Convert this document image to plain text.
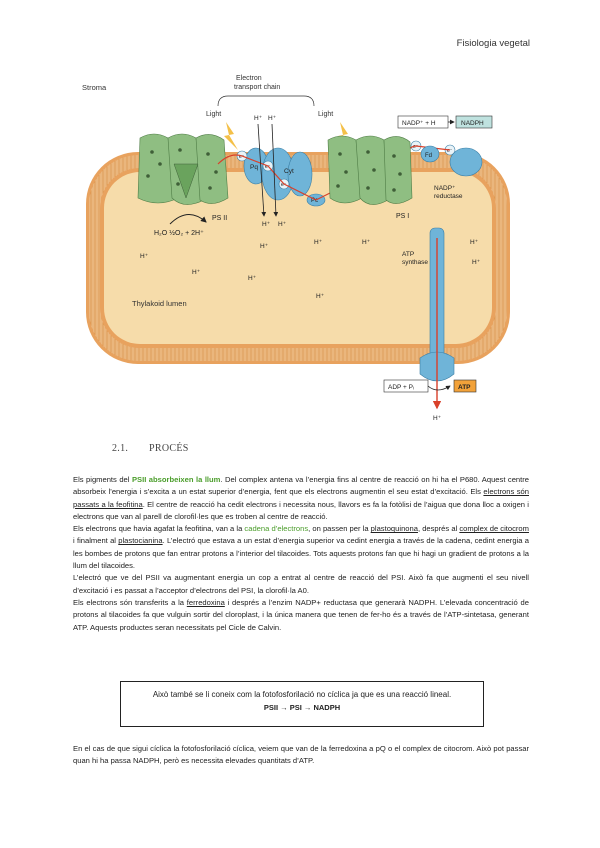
Fisiologia vegetal
Stroma
Thylakoid lumen
Electron
transport chain
Light	Light
PS II
H₂O ½O₂ + 2H⁺
Pq
Cyt
Pc
e⁻
e⁻
e⁻
e⁻
e⁻
H⁺ H⁺
H⁺ H⁺
H⁺
H⁺
H⁺	H⁺
H⁺
H⁺
H⁺
H⁺
H⁺
PS I
Fd
NADP⁺
reductase
NADP⁺ + H	NADPH
ATP
synthase
H⁺
ADP + Pᵢ	ATP
2.1. PROCÉS

Els pigments del PSII absorbeixen la llum. Del complex antena va l’energia fins al centre de reacció on hi ha el P680. Aquest centre absorbeix l’energia i s’excita a un estat superior d’energia, fent que els electrons augmentin el seu estat d’excitació. Els electrons són passats a la feofitina. El centre de reacció ha cedit electrons i necessita nous, llavors es fa la fotòlisi de l’aigua que dona lloc a oxigen i electrons que van al parell de clorofil·les que es troben al centre de reacció.

Els electrons que havia agafat la feofitina, van a la cadena d’electrons, on passen per la plastoquinona, després al complex de citocrom i finalment al plastocianina. L’electró que estava a un estat d’energia superior va cedint energia a través de la cadena, cedint energia a les bombes de protons que fan entrar protons a l’interior del tilacoides. Tots aquests protons fan que hi hagi un gradient de protons a la llum del tilacoides.

L’electró que ve del PSII va augmentant energia un cop a entrat al centre de reacció del PSI. Això fa que augmenti el seu nivell d’excitació i es passat a l’acceptor d’electrons del PSI, la clorofil·la A0.

Els electrons són transferits a la ferredoxina i després a l’enzim NADP+ reductasa que generarà NADPH. L’elevada concentració de protons al tilacoides fa que vulguin sortir del cloroplast, i la única manera que tenen de fer-ho és a través de l’ATP-sintetasa, generant ATP. Aquests productes seran necessitats pel Cicle de Calvin.

Això també se li coneix com la fotofosforilació no cíclica ja que es una reacció lineal.
PSII → PSI → NADPH

En el cas de que sigui cíclica la fotofosforilació cíclica, veiem que van de la ferredoxina a pQ o el complex de citocrom. Això pot passar quan hi ha passa NADPH, però es necessita elevades quantitats d’ATP.
